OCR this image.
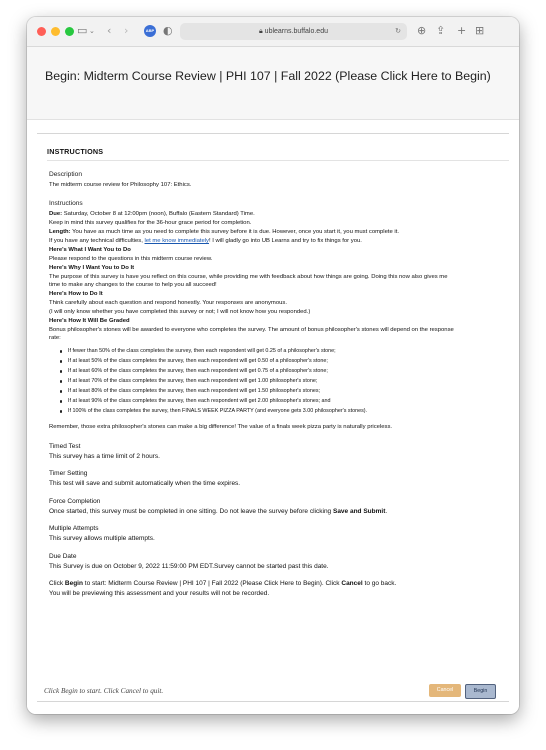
▭ ⌄ ‹ ›	ABP ◐	🔒︎ ublearns.buffalo.edu	↻ ⊕ ⇪ + ⊞
Begin: Midterm Course Review | PHI 107 | Fall 2022 (Please Click Here to Begin)
INSTRUCTIONS
Description
The midterm course review for Philosophy 107: Ethics.
Instructions
Due: Saturday, October 8 at 12:00pm (noon), Buffalo (Eastern Standard) Time.
Keep in mind this survey qualifies for the 36-hour grace period for completion.
Length: You have as much time as you need to complete this survey before it is due. However, once you start it, you must complete it.
If you have any technical difficulties, let me know immediately! I will gladly go into UB Learns and try to fix things for you.
Here's What I Want You to Do
Please respond to the questions in this midterm course review.
Here's Why I Want You to Do It
The purpose of this survey is have you reflect on this course, while providing me with feedback about how things are going. Doing this now also gives me
time to make any changes to the course to help you all succeed!
Here's How to Do It
Think carefully about each question and respond honestly. Your responses are anonymous.
(I will only know whether you have completed this survey or not; I will not know how you responded.)
Here's How It Will Be Graded
Bonus philosopher's stones will be awarded to everyone who completes the survey. The amount of bonus philosopher's stones will depend on the response
rate:
If fewer than 50% of the class completes the survey, then each respondent will get 0.25 of a philosopher's stone;
If at least 50% of the class completes the survey, then each respondent will get 0.50 of a philosopher's stone;
If at least 60% of the class completes the survey, then each respondent will get 0.75 of a philosopher's stone;
If at least 70% of the class completes the survey, then each respondent will get 1.00 philosopher's stone;
If at least 80% of the class completes the survey, then each respondent will get 1.50 philosopher's stones;
If at least 90% of the class completes the survey, then each respondent will get 2.00 philosopher's stones; and
If 100% of the class completes the survey, then FINALS WEEK PIZZA PARTY (and everyone gets 3.00 philosopher's stones).
Remember, those extra philosopher's stones can make a big difference! The value of a finals week pizza party is naturally priceless.
Timed Test
This survey has a time limit of 2 hours.
Timer Setting
This test will save and submit automatically when the time expires.
Force Completion
Once started, this survey must be completed in one sitting. Do not leave the survey before clicking Save and Submit.
Multiple Attempts
This survey allows multiple attempts.
Due Date
This Survey is due on October 9, 2022 11:59:00 PM EDT.Survey cannot be started past this date.
Click Begin to start: Midterm Course Review | PHI 107 | Fall 2022 (Please Click Here to Begin). Click Cancel to go back.
You will be previewing this assessment and your results will not be recorded.
Click Begin to start. Click Cancel to quit.	Cancel	Begin
